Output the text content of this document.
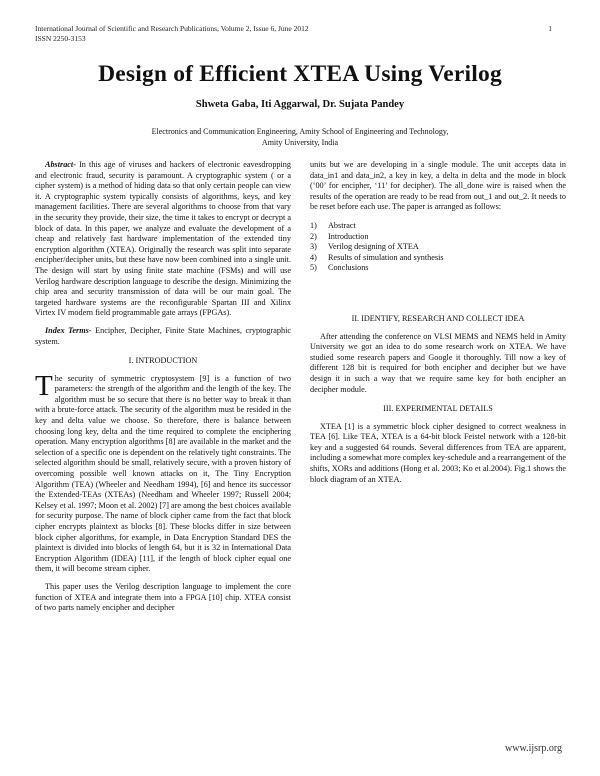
International Journal of Scientific and Research Publications, Volume 2, Issue 6, June 2012
ISSN 2250-3153
1
Design of Efficient XTEA Using Verilog
Shweta Gaba, Iti Aggarwal, Dr. Sujata Pandey
Electronics and Communication Engineering, Amity School of Engineering and Technology,
Amity University, India

Abstract- In this age of viruses and hackers of electronic eavesdropping and electronic fraud, security is paramount. A cryptographic system ( or a cipher system) is a method of hiding data so that only certain people can view it. A cryptographic system typically consists of algorithms, keys, and key management facilities. There are several algorithms to choose from that vary in the security they provide, their size, the time it takes to encrypt or decrypt a block of data. In this paper, we analyze and evaluate the development of a cheap and relatively fast hardware implementation of the extended tiny encryption algorithm (XTEA). Originally the research was split into separate encipher/decipher units, but these have now been combined into a single unit. The design will start by using finite state machine (FSMs) and will use Verilog hardware description language to describe the design. Minimizing the chip area and security transmission of data will be our main goal. The targeted hardware systems are the reconfigurable Spartan III and Xilinx Virtex IV modern field programmable gate arrays (FPGAs).

Index Terms- Encipher, Decipher, Finite State Machines, cryptographic system.

I. INTRODUCTION

The security of symmetric cryptosystem [9] is a function of two parameters: the strength of the algorithm and the length of the key. The algorithm must be so secure that there is no better way to break it than with a brute-force attack. The security of the algorithm must be resided in the key and delta value we choose. So therefore, there is balance between choosing long key, delta and the time required to complete the enciphering operation. Many encryption algorithms [8] are available in the market and the selection of a specific one is dependent on the relatively tight constraints. The selected algorithm should be small, relatively secure, with a proven history of overcoming possible well known attacks on it, The Tiny Encryption Algorithm (TEA) (Wheeler and Needham 1994), [6] and hence its successor the Extended-TEAs (XTEAs) (Needham and Wheeler 1997; Russell 2004; Kelsey et al. 1997; Moon et al. 2002) [7] are among the best choices available for security purpose. The name of block cipher came from the fact that block cipher encrypts plaintext as blocks [8]. These blocks differ in size between block cipher algorithms, for example, in Data Encryption Standard DES the plaintext is divided into blocks of length 64, but it is 32 in International Data Encryption Algorithm (IDEA) [11], if the length of block cipher equal one them, it will become stream cipher.

This paper uses the Verilog description language to implement the core function of XTEA and integrate them into a FPGA [10] chip. XTEA consist of two parts namely encipher and decipher

units but we are developing in a single module. The unit accepts data in data_in1 and data_in2, a key in key, a delta in delta and the mode in block (‘00’ for encipher, ‘11’ for decipher). The all_done wire is raised when the results of the operation are ready to be read from out_1 and out_2. It needs to be reset before each use. The paper is arranged as follows:

1)	Abstract
2)	Introduction
3)	Verilog designing of XTEA
4)	Results of simulation and synthesis
5)	Conclusions
II. IDENTIFY, RESEARCH AND COLLECT IDEA

After attending the conference on VLSI MEMS and NEMS held in Amity University we got an idea to do some research work on XTEA. We have studied some research papers and Google it thoroughly. Till now a key of different 128 bit is required for both encipher and decipher but we have design it in such a way that we require same key for both encipher an decipher module.

III. EXPERIMENTAL DETAILS

XTEA [1] is a symmetric block cipher designed to correct weakness in TEA [6]. Like TEA, XTEA is a 64-bit block Feistel network with a 128-bit key and a suggested 64 rounds. Several differences from TEA are apparent, including a somewhat more complex key-schedule and a rearrangement of the shifts, XORs and additions (Hong et al. 2003; Ko et al.2004). Fig.1 shows the block diagram of an XTEA.

www.ijsrp.org
